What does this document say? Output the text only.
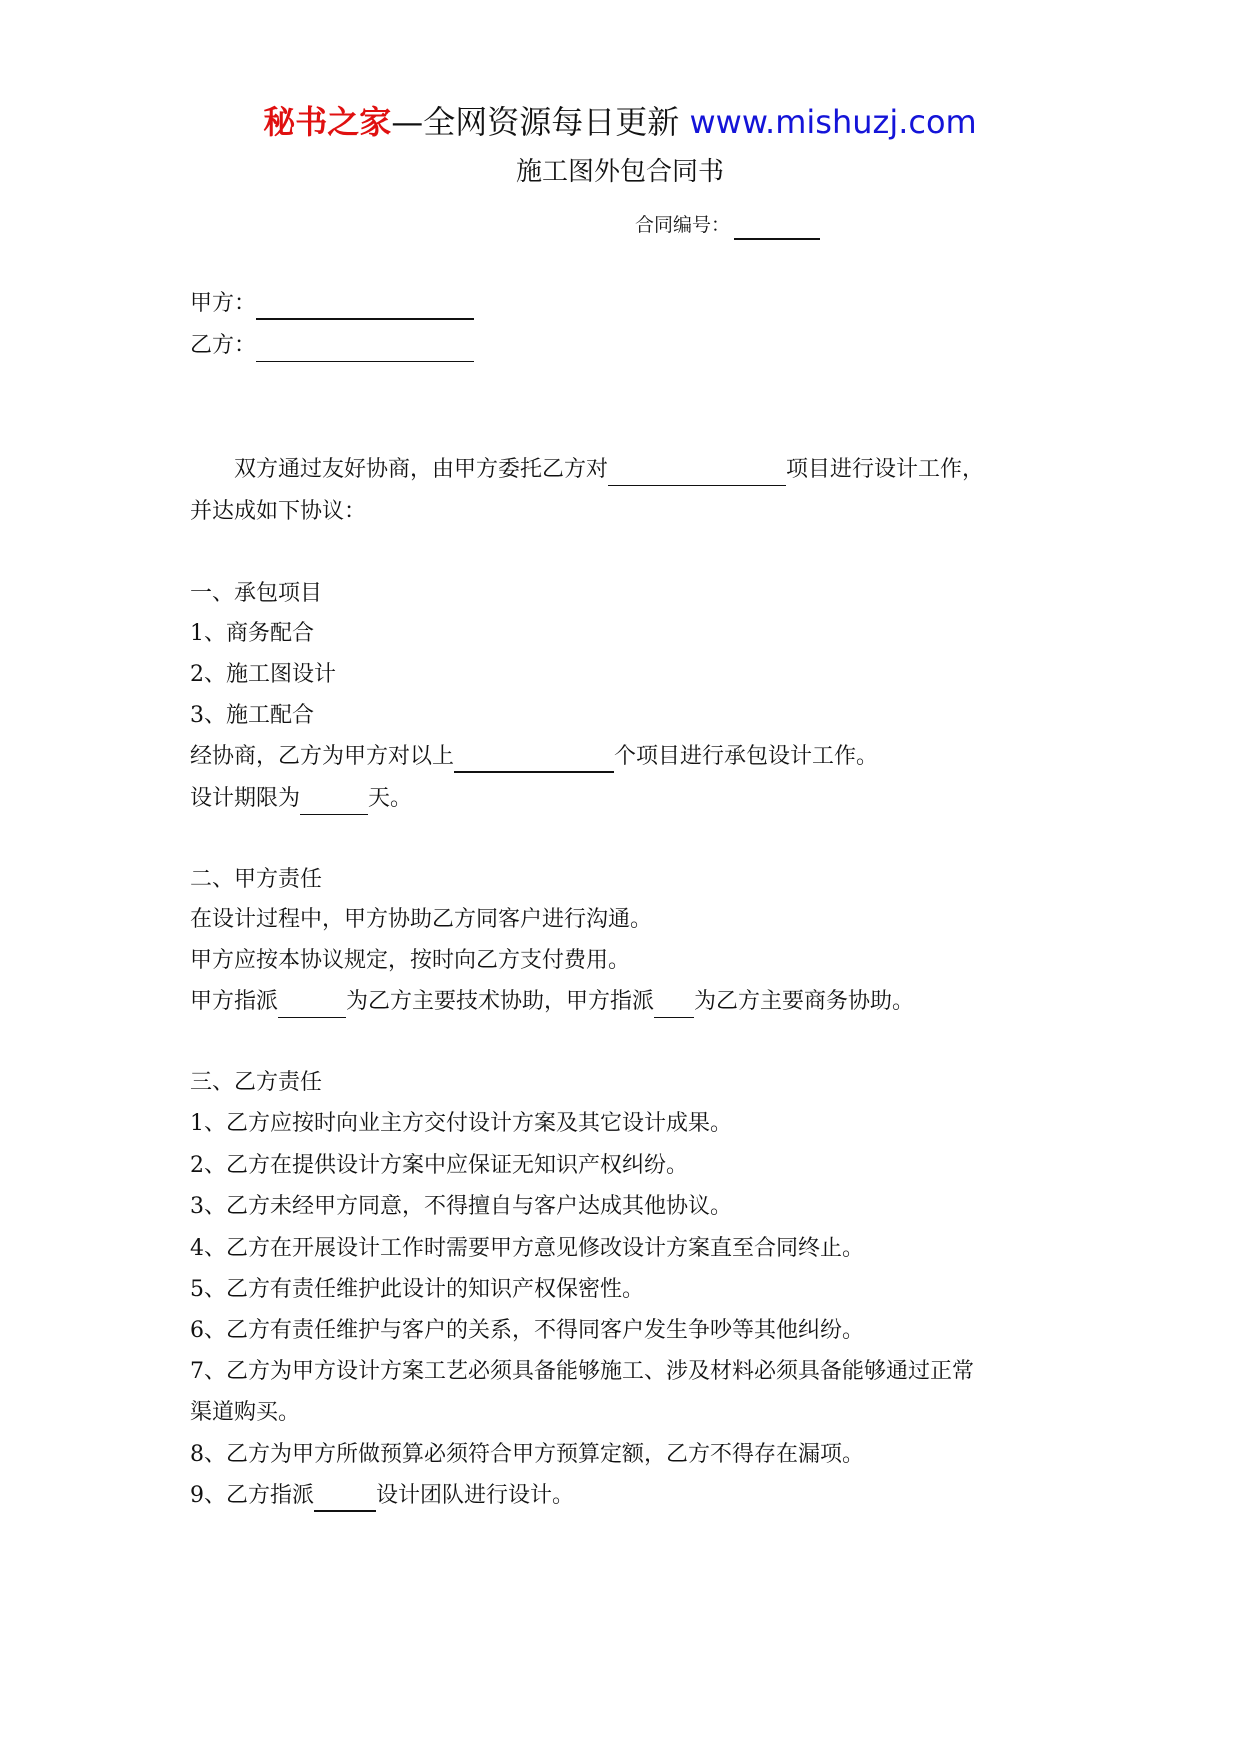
秘书之家—全网资源每日更新 www.mishuzj.com
施工图外包合同书
合同编号：
甲方：
乙方：
双方通过友好协商，由甲方委托乙方对	项目进行设计工作，
并达成如下协议：
一、承包项目
1、商务配合
2、施工图设计
3、施工配合
经协商，乙方为甲方对以上	个项目进行承包设计工作。
设计期限为	天。
二、甲方责任
在设计过程中，甲方协助乙方同客户进行沟通。
甲方应按本协议规定，按时向乙方支付费用。
甲方指派	为乙方主要技术协助，甲方指派 为乙方主要商务协助。
三、乙方责任
1、乙方应按时向业主方交付设计方案及其它设计成果。
2、乙方在提供设计方案中应保证无知识产权纠纷。
3、乙方未经甲方同意，不得擅自与客户达成其他协议。
4、乙方在开展设计工作时需要甲方意见修改设计方案直至合同终止。
5、乙方有责任维护此设计的知识产权保密性。
6、乙方有责任维护与客户的关系，不得同客户发生争吵等其他纠纷。
7、乙方为甲方设计方案工艺必须具备能够施工、涉及材料必须具备能够通过正常
渠道购买。
8、乙方为甲方所做预算必须符合甲方预算定额，乙方不得存在漏项。
9、乙方指派	设计团队进行设计。
